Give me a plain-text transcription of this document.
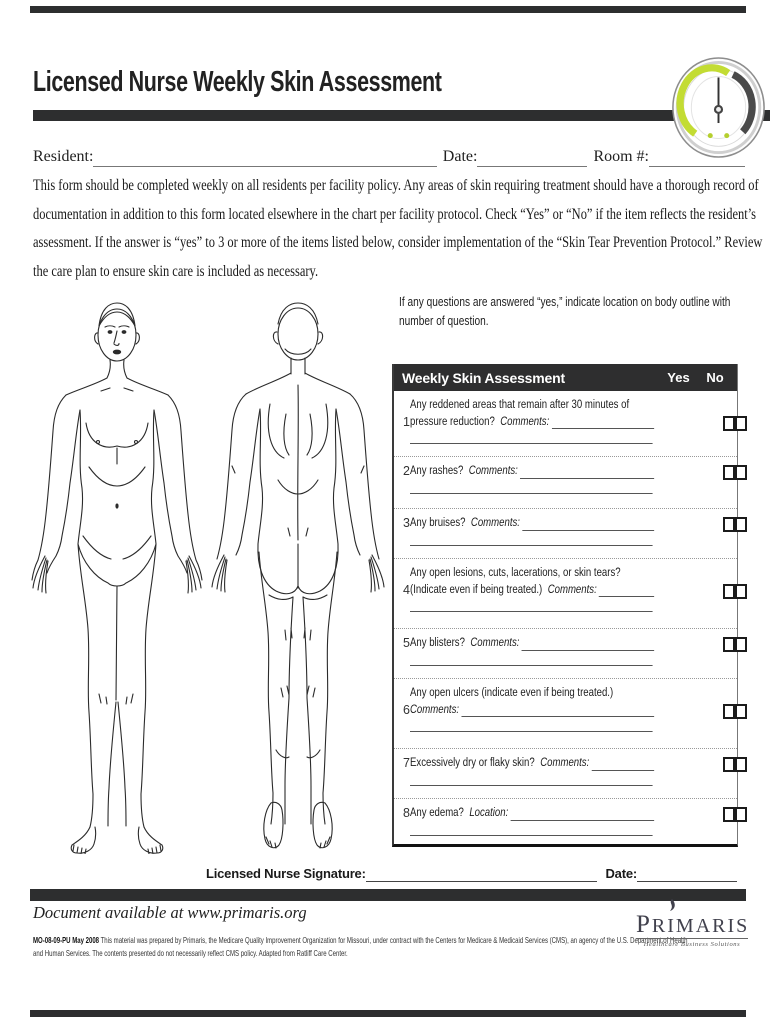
Licensed Nurse Weekly Skin Assessment
Resident:	Date:	Room #:
This form should be completed weekly on all residents per facility policy. Any areas of skin requiring treatment should have a thorough record of
documentation in addition to this form located elsewhere in the chart per facility protocol. Check “Yes” or “No” if the item reflects the resident’s
assessment. If the answer is “yes” to 3 or more of the items listed below, consider implementation of the “Skin Tear Prevention Protocol.” Review
the care plan to ensure skin care is included as necessary.
If any questions are answered “yes,” indicate location on body outline with
number of question.
Weekly Skin Assessment	Yes	No
1
Any reddened areas that remain after 30 minutes of
pressure reduction? Comments:
2 Any rashes? Comments:
3 Any bruises? Comments:
4
Any open lesions, cuts, lacerations, or skin tears?
(Indicate even if being treated.) Comments:
5 Any blisters? Comments:
6
Any open ulcers (indicate even if being treated.)
Comments:
7 Excessively dry or flaky skin? Comments:
8 Any edema? Location:
Licensed Nurse Signature:	Date:
Document available at www.primaris.org
MO-08-09-PU May 2008 This material was prepared by Primaris, the Medicare Quality Improvement Organization for Missouri, under contract with the Centers for Medicare & Medicaid Services (CMS), an agency of the U.S. Department of Health
and Human Services. The contents presented do not necessarily reflect CMS policy. Adapted from Ratliff Care Center.
PRIMARIS
Healthcare Business Solutions
